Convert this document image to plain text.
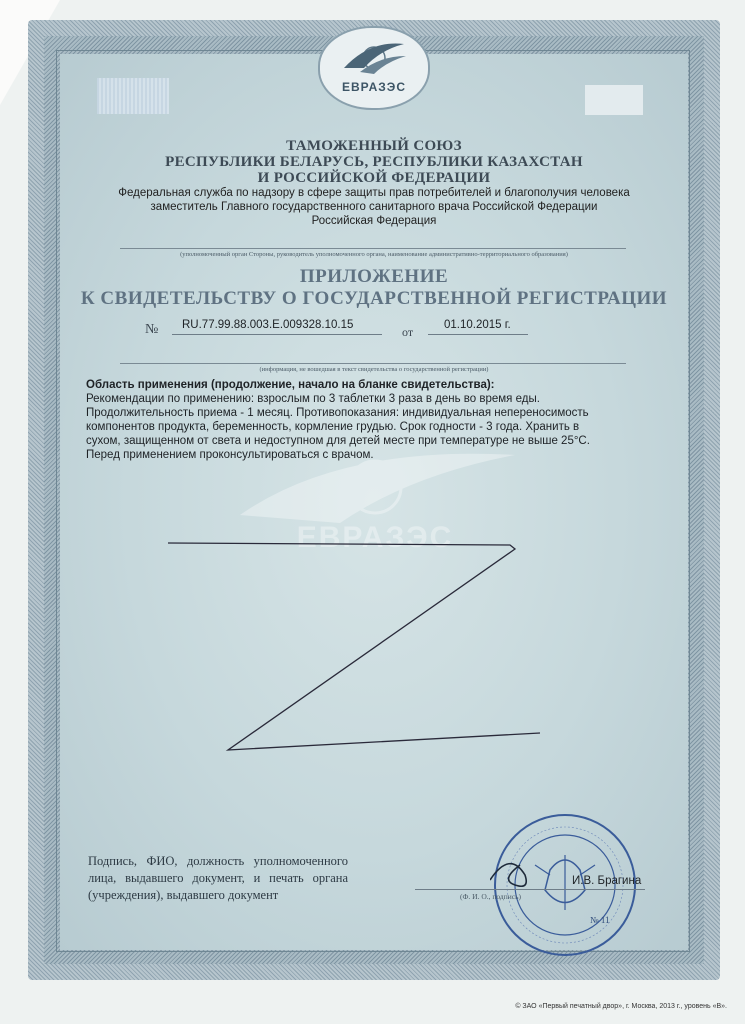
ЕВРАЗЭС
ЕВРАЗЭС
ТАМОЖЕННЫЙ СОЮЗ
РЕСПУБЛИКИ БЕЛАРУСЬ, РЕСПУБЛИКИ КАЗАХСТАН
И РОССИЙСКОЙ ФЕДЕРАЦИИ
Федеральная служба по надзору в сфере защиты прав потребителей и благополучия человека
заместитель Главного государственного санитарного врача Российской Федерации
Российская Федерация
(уполномоченный орган Стороны, руководитель уполномоченного органа, наименование административно-территориального образования)
ПРИЛОЖЕНИЕ
К СВИДЕТЕЛЬСТВУ О ГОСУДАРСТВЕННОЙ РЕГИСТРАЦИИ
№ RU.77.99.88.003.E.009328.10.15	от	01.10.2015 г.
(информация, не вошедшая в текст свидетельства о государственной регистрации)
Область применения (продолжение, начало на бланке свидетельства):
Рекомендации по применению: взрослым по 3 таблетки 3 раза в день во время еды.
Продолжительность приема - 1 месяц. Противопоказания: индивидуальная непереносимость
компонентов продукта, беременность, кормление грудью. Срок годности - 3 года. Хранить в
сухом, защищенном от света и недоступном для детей месте при температуре не выше 25°С.
Перед применением проконсультироваться с врачом.
Подпись, ФИО, должность уполномоченного лица, выдавшего документ, и печать органа (учреждения), выдавшего документ
И.В. Брагина
(Ф. И. О., подпись)
№ 11
© ЗАО «Первый печатный двор», г. Москва, 2013 г., уровень «В».
